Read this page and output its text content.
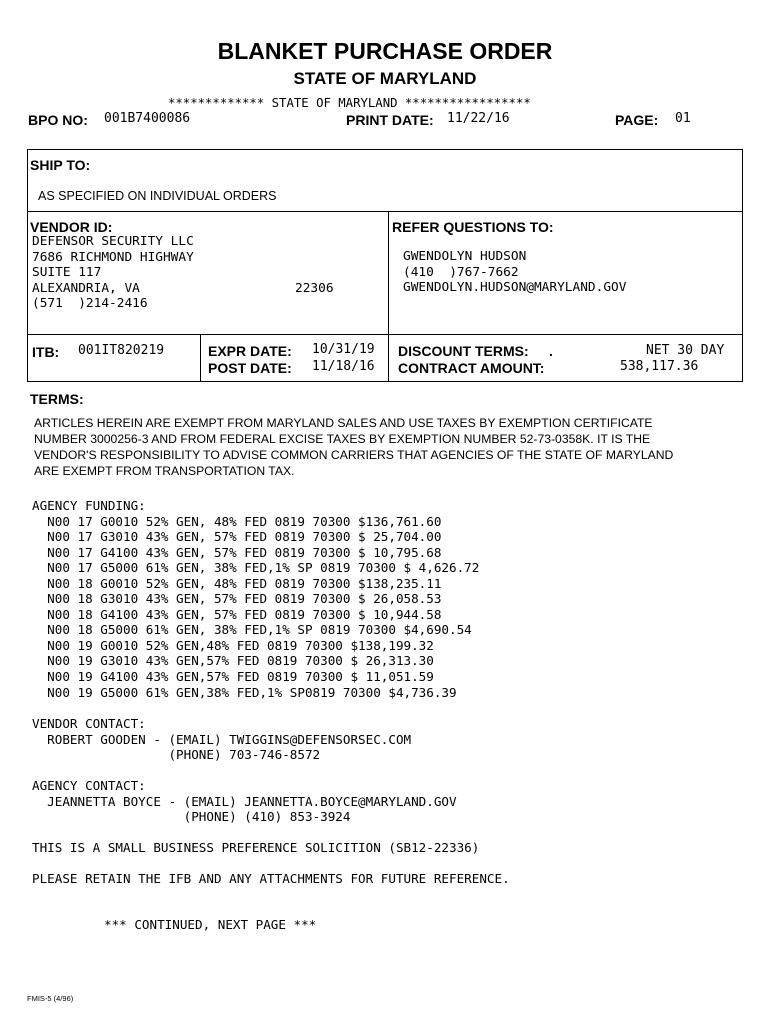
BLANKET PURCHASE ORDER
STATE OF MARYLAND
************* STATE OF MARYLAND *****************
BPO NO: 001B7400086	PRINT DATE: 11/22/16	PAGE: 01
SHIP TO:
AS SPECIFIED ON INDIVIDUAL ORDERS
VENDOR ID:
DEFENSOR SECURITY LLC
7686 RICHMOND HIGHWAY
SUITE 117
ALEXANDRIA, VA
(571  )214-2416
22306
REFER QUESTIONS TO:
GWENDOLYN HUDSON
(410  )767-7662
GWENDOLYN.HUDSON@MARYLAND.GOV
ITB: 001IT820219	EXPR DATE: 10/31/19
POST DATE: 11/18/16
DISCOUNT TERMS: .	NET 30 DAY
CONTRACT AMOUNT:	538,117.36
TERMS:
ARTICLES HEREIN ARE EXEMPT FROM MARYLAND SALES AND USE TAXES BY EXEMPTION CERTIFICATE
NUMBER 3000256-3 AND FROM FEDERAL EXCISE TAXES BY EXEMPTION NUMBER 52-73-0358K. IT IS THE
VENDOR'S RESPONSIBILITY TO ADVISE COMMON CARRIERS THAT AGENCIES OF THE STATE OF MARYLAND
ARE EXEMPT FROM TRANSPORTATION TAX.
AGENCY FUNDING:
N00 17 G0010 52% GEN, 48% FED 0819 70300 $136,761.60
N00 17 G3010 43% GEN, 57% FED 0819 70300 $ 25,704.00
N00 17 G4100 43% GEN, 57% FED 0819 70300 $ 10,795.68
N00 17 G5000 61% GEN, 38% FED,1% SP 0819 70300 $ 4,626.72
N00 18 G0010 52% GEN, 48% FED 0819 70300 $138,235.11
N00 18 G3010 43% GEN, 57% FED 0819 70300 $ 26,058.53
N00 18 G4100 43% GEN, 57% FED 0819 70300 $ 10,944.58
N00 18 G5000 61% GEN, 38% FED,1% SP 0819 70300 $4,690.54
N00 19 G0010 52% GEN,48% FED 0819 70300 $138,199.32
N00 19 G3010 43% GEN,57% FED 0819 70300 $ 26,313.30
N00 19 G4100 43% GEN,57% FED 0819 70300 $ 11,051.59
N00 19 G5000 61% GEN,38% FED,1% SP0819 70300 $4,736.39
VENDOR CONTACT:
ROBERT GOODEN - (EMAIL) TWIGGINS@DEFENSORSEC.COM
(PHONE) 703-746-8572
AGENCY CONTACT:
JEANNETTA BOYCE - (EMAIL) JEANNETTA.BOYCE@MARYLAND.GOV
(PHONE) (410) 853-3924
THIS IS A SMALL BUSINESS PREFERENCE SOLICITION (SB12-22336)
PLEASE RETAIN THE IFB AND ANY ATTACHMENTS FOR FUTURE REFERENCE.
*** CONTINUED, NEXT PAGE ***
FMIS-5 (4/96)
